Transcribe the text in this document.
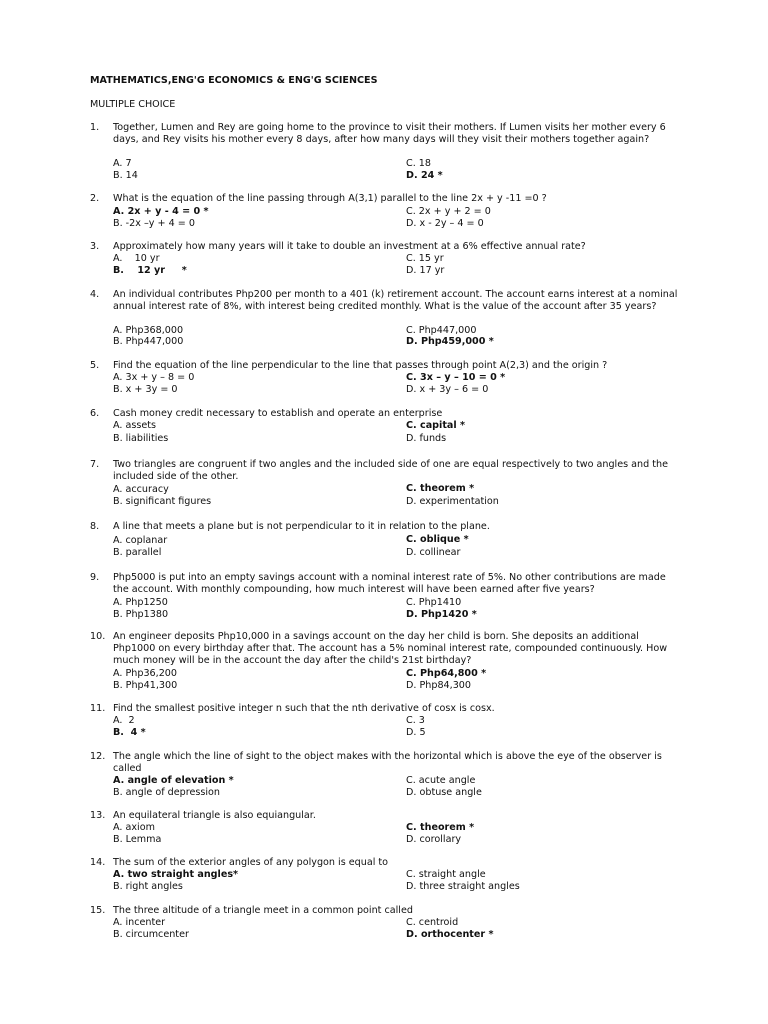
MATHEMATICS,ENG'G ECONOMICS & ENG'G SCIENCES
MULTIPLE CHOICE
1. Together, Lumen and Rey are going home to the province to visit their mothers. If Lumen visits her mother every 6 days, and Rey visits his mother every 8 days, after how many days will they visit their mothers together again?
A. 7	C. 18
B. 14	D. 24 *
2. What is the equation of the line passing through A(3,1) parallel to the line 2x + y -11 =0 ?
A. 2x + y - 4 = 0 *	C. 2x + y + 2 = 0
B. -2x –y + 4 = 0	D. x - 2y – 4 = 0
3. Approximately how many years will it take to double an investment at a 6% effective annual rate?
A.    10 yr	C. 15 yr
B.    12 yr     *	D. 17 yr
4. An individual contributes Php200 per month to a 401 (k) retirement account. The account earns interest at a nominal annual interest rate of 8%, with interest being credited monthly. What is the value of the account after 35 years?
A. Php368,000	C. Php447,000
B. Php447,000	D. Php459,000 *
5. Find the equation of the line perpendicular to the line that passes through point A(2,3) and the origin ?
A. 3x + y – 8 = 0	C. 3x – y – 10 = 0 *
B. x + 3y = 0	D. x + 3y – 6 = 0
6. Cash money credit necessary to establish and operate an enterprise
A. assets	C. capital *
B. liabilities	D. funds
7. Two triangles are congruent if two angles and the included side of one are equal respectively to two angles and the included side of the other.
A. accuracy	C. theorem *
B. significant figures	D. experimentation
8. A line that meets a plane but is not perpendicular to it in relation to the plane.
A. coplanar	C. oblique *
B. parallel	D. collinear
9. Php5000 is put into an empty savings account with a nominal interest rate of 5%. No other contributions are made the account. With monthly compounding, how much interest will have been earned after five years?
A. Php1250	C. Php1410
B. Php1380	D. Php1420 *
10. An engineer deposits Php10,000 in a savings account on the day her child is born. She deposits an additional Php1000 on every birthday after that. The account has a 5% nominal interest rate, compounded continuously. How much money will be in the account the day after the child's 21st birthday?
A. Php36,200	C. Php64,800 *
B. Php41,300	D. Php84,300
11. Find the smallest positive integer n such that the nth derivative of cosx is cosx.
A.  2	C. 3
B.  4 *	D. 5
12. The angle which the line of sight to the object makes with the horizontal which is above the eye of the observer is called
A. angle of elevation *	C. acute angle
B. angle of depression	D. obtuse angle
13. An equilateral triangle is also equiangular.
A. axiom	C. theorem *
B. Lemma	D. corollary
14. The sum of the exterior angles of any polygon is equal to
A. two straight angles*	C. straight angle
B. right angles	D. three straight angles
15. The three altitude of a triangle meet in a common point called
A. incenter	C. centroid
B. circumcenter	D. orthocenter *
